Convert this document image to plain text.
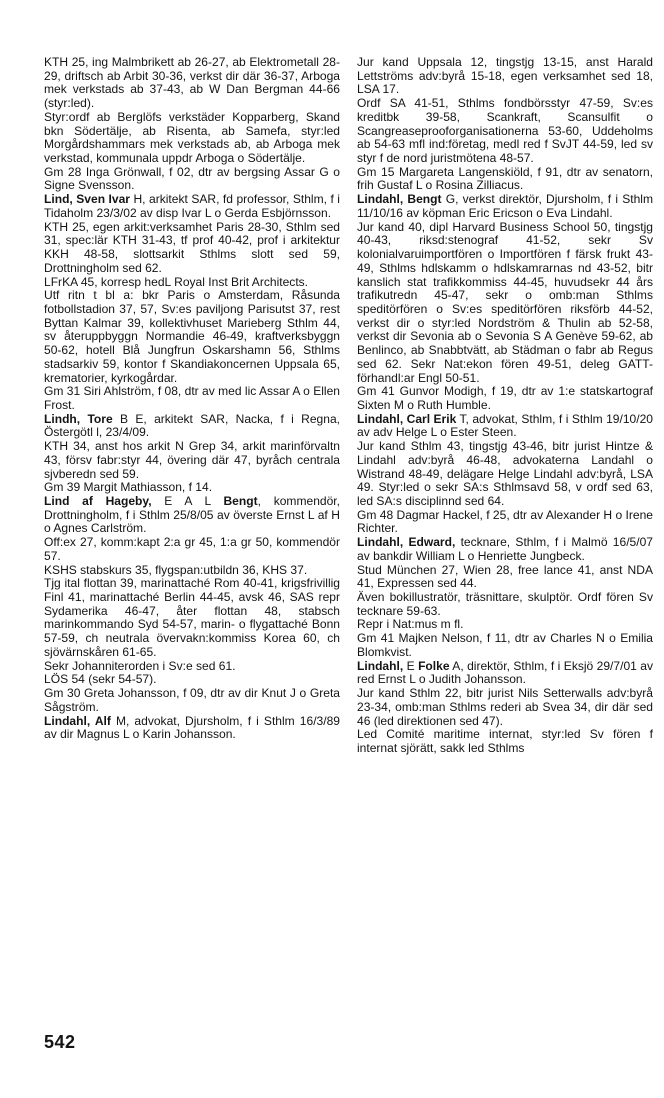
KTH 25, ing Malmbrikett ab 26-27, ab Elektrometall 28-29, driftsch ab Arbit 30-36, verkst dir där 36-37, Arboga mek verkstads ab 37-43, ab W Dan Bergman 44-66 (styr:led).

Styr:ordf ab Berglöfs verkstäder Kopparberg, Skand bkn Södertälje, ab Risenta, ab Samefa, styr:led Morgårdshammars mek verkstads ab, ab Arboga mek verkstad, kommunala uppdr Arboga o Södertälje.

Gm 28 Inga Grönwall, f 02, dtr av bergsing Assar G o Signe Svensson.

Lind, Sven Ivar H, arkitekt SAR, fd professor, Sthlm, f i Tidaholm 23/3/02 av disp Ivar L o Gerda Esbjörnsson.

KTH 25, egen arkit:verksamhet Paris 28-30, Sthlm sed 31, spec:lär KTH 31-43, tf prof 40-42, prof i arkitektur KKH 48-58, slottsarkit Sthlms slott sed 59, Drottningholm sed 62.

LFrKA 45, korresp hedL Royal Inst Brit Architects.

Utf ritn t bl a: bkr Paris o Amsterdam, Råsunda fotbollstadion 37, 57, Sv:es paviljong Parisutst 37, rest Byttan Kalmar 39, kollektivhuset Marieberg Sthlm 44, sv återuppbyggn Normandie 46-49, kraftverksbyggn 50-62, hotell Blå Jungfrun Oskarshamn 56, Sthlms stadsarkiv 59, kontor f Skandiakoncernen Uppsala 65, krematorier, kyrkogårdar.

Gm 31 Siri Ahlström, f 08, dtr av med lic Assar A o Ellen Frost.

Lindh, Tore B E, arkitekt SAR, Nacka, f i Regna, Östergötl l, 23/4/09.

KTH 34, anst hos arkit N Grep 34, arkit marinförvaltn 43, försv fabr:styr 44, övering där 47, byråch centrala sjvberedn sed 59.

Gm 39 Margit Mathiasson, f 14.

Lind af Hageby, E A L Bengt, kommendör, Drottningholm, f i Sthlm 25/8/05 av överste Ernst L af H o Agnes Carlström.

Off:ex 27, komm:kapt 2:a gr 45, 1:a gr 50, kommendör 57.

KSHS stabskurs 35, flygspan:utbildn 36, KHS 37.

Tjg ital flottan 39, marinattaché Rom 40-41, krigsfrivillig Finl 41, marinattaché Berlin 44-45, avsk 46, SAS repr Sydamerika 46-47, åter flottan 48, stabsch marinkommando Syd 54-57, marin- o flygattaché Bonn 57-59, ch neutrala övervakn:kommiss Korea 60, ch sjövärnskåren 61-65.

Sekr Johanniterorden i Sv:e sed 61.

LÖS 54 (sekr 54-57).

Gm 30 Greta Johansson, f 09, dtr av dir Knut J o Greta Sågström.

Lindahl, Alf M, advokat, Djursholm, f i Sthlm 16/3/89 av dir Magnus L o Karin Johansson.

Jur kand Uppsala 12, tingstjg 13-15, anst Harald Lettströms adv:byrå 15-18, egen verksamhet sed 18, LSA 17.

Ordf SA 41-51, Sthlms fondbörsstyr 47-59, Sv:es kreditbk 39-58, Scankraft, Scansulfit o Scangreaseprooforganisationerna 53-60, Uddeholms ab 54-63 mfl ind:företag, medl red f SvJT 44-59, led sv styr f de nord juristmötena 48-57.

Gm 15 Margareta Langenskiöld, f 91, dtr av senatorn, frih Gustaf L o Rosina Zilliacus.

Lindahl, Bengt G, verkst direktör, Djursholm, f i Sthlm 11/10/16 av köpman Eric Ericson o Eva Lindahl.

Jur kand 40, dipl Harvard Business School 50, tingstjg 40-43, riksd:stenograf 41-52, sekr Sv kolonialvaruimportfören o Importfören f färsk frukt 43-49, Sthlms hdlskamm o hdlskamrarnas nd 43-52, bitr kanslich stat trafikkommiss 44-45, huvudsekr 44 års trafikutredn 45-47, sekr o omb:man Sthlms speditörfören o Sv:es speditörfören riksförb 44-52, verkst dir o styr:led Nordström & Thulin ab 52-58, verkst dir Sevonia ab o Sevonia S A Genève 59-62, ab Benlinco, ab Snabbtvätt, ab Städman o fabr ab Regus sed 62. Sekr Nat:ekon fören 49-51, deleg GATT-förhandl:ar Engl 50-51.

Gm 41 Gunvor Modigh, f 19, dtr av 1:e statskartograf Sixten M o Ruth Humble.

Lindahl, Carl Erik T, advokat, Sthlm, f i Sthlm 19/10/20 av adv Helge L o Ester Steen.

Jur kand Sthlm 43, tingstjg 43-46, bitr jurist Hintze & Lindahl adv:byrå 46-48, advokaterna Landahl o Wistrand 48-49, delägare Helge Lindahl adv:byrå, LSA 49. Styr:led o sekr SA:s Sthlmsavd 58, v ordf sed 63, led SA:s disciplinnd sed 64.

Gm 48 Dagmar Hackel, f 25, dtr av Alexander H o Irene Richter.

Lindahl, Edward, tecknare, Sthlm, f i Malmö 16/5/07 av bankdir William L o Henriette Jungbeck.

Stud München 27, Wien 28, free lance 41, anst NDA 41, Expressen sed 44.

Även bokillustratör, träsnittare, skulptör. Ordf fören Sv tecknare 59-63.

Repr i Nat:mus m fl.

Gm 41 Majken Nelson, f 11, dtr av Charles N o Emilia Blomkvist.

Lindahl, E Folke A, direktör, Sthlm, f i Eksjö 29/7/01 av red Ernst L o Judith Johansson.

Jur kand Sthlm 22, bitr jurist Nils Setterwalls adv:byrå 23-34, omb:man Sthlms rederi ab Svea 34, dir där sed 46 (led direktionen sed 47).

Led Comité maritime internat, styr:led Sv fören f internat sjörätt, sakk led Sthlms

542
